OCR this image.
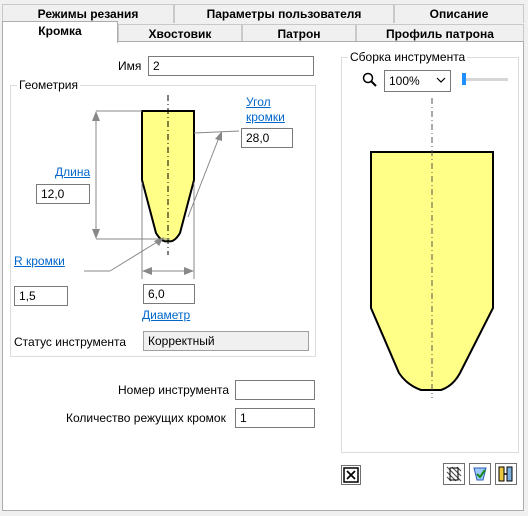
Режимы резания	Параметры пользователя	Описание
Кромка	Хвостовик	Патрон	Профиль патрона
Имя 2
Геометрия
Угол
кромки
28,0
Длина
12,0
R кромки
1,5	6,0
Диаметр
Статус инструмента	Корректный
Номер инструмента
Количество режущих кромок	1
Сборка инструмента
100%
